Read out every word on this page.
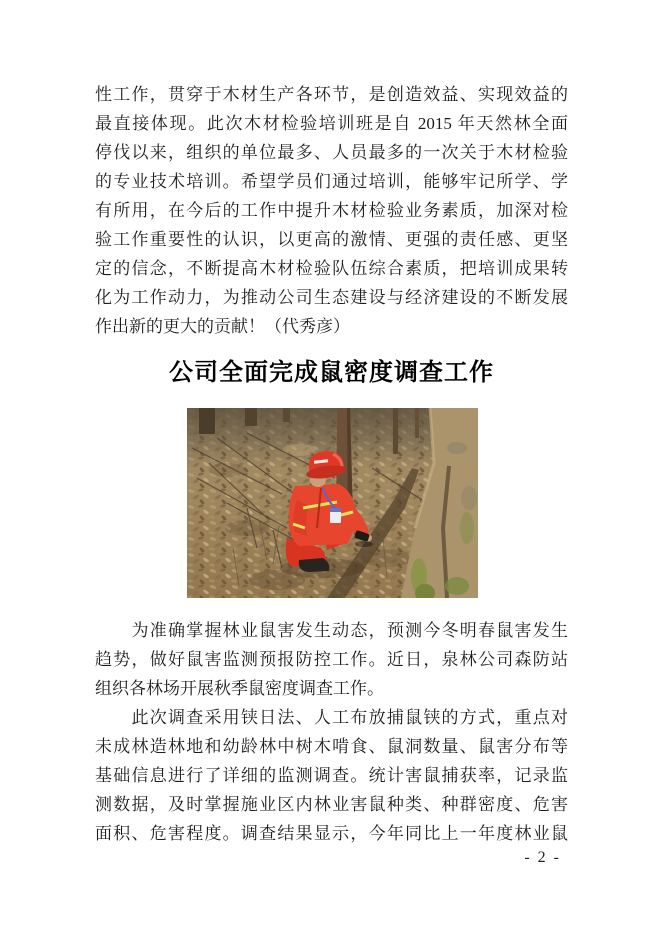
性工作，贯穿于木材生产各环节，是创造效益、实现效益的
最直接体现。此次木材检验培训班是自 2015 年天然林全面
停伐以来，组织的单位最多、人员最多的一次关于木材检验
的专业技术培训。希望学员们通过培训，能够牢记所学、学
有所用，在今后的工作中提升木材检验业务素质，加深对检
验工作重要性的认识，以更高的激情、更强的责任感、更坚
定的信念，不断提高木材检验队伍综合素质，把培训成果转
化为工作动力，为推动公司生态建设与经济建设的不断发展
作出新的更大的贡献！（代秀彦）
公司全面完成鼠密度调查工作
　　为准确掌握林业鼠害发生动态，预测今冬明春鼠害发生
趋势，做好鼠害监测预报防控工作。近日，泉林公司森防站
组织各林场开展秋季鼠密度调查工作。
　　此次调查采用铗日法、人工布放捕鼠铗的方式，重点对
未成林造林地和幼龄林中树木啃食、鼠洞数量、鼠害分布等
基础信息进行了详细的监测调查。统计害鼠捕获率，记录监
测数据，及时掌握施业区内林业害鼠种类、种群密度、危害
面积、危害程度。调查结果显示，今年同比上一年度林业鼠
- 2 -
